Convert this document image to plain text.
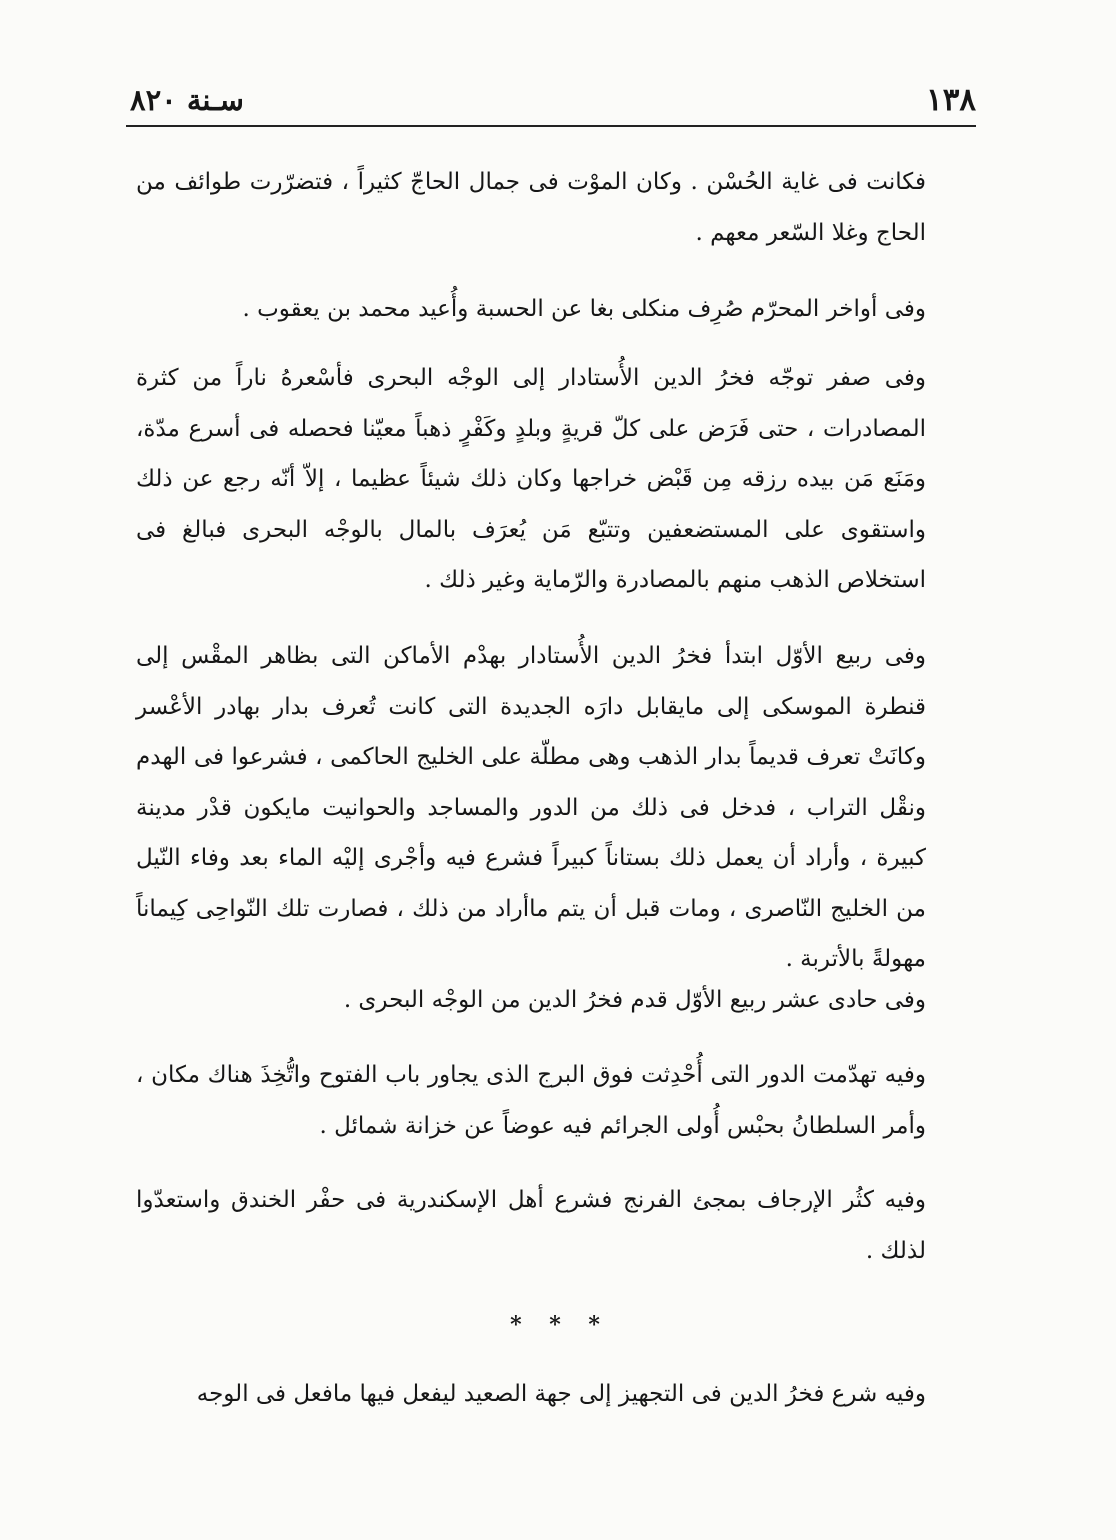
١٣٨
سـنة ٨٢٠

فكانت فى غاية الحُسْن . وكان الموْت فى جمال الحاجّ كثيراً ، فتضرّرت طوائف من الحاج وغلا السّعر معهم .

وفى أواخر المحرّم صُرِف منكلى بغا عن الحسبة وأُعيد محمد بن يعقوب .

وفى صفر توجّه فخرُ الدين الأُستادار إلى الوجْه البحرى فأسْعرهُ ناراً من كثرة المصادرات ، حتى فَرَض على كلّ قريةٍ وبلدٍ وكَفْرٍ ذهباً معيّنا فحصله فى أسرع مدّة، ومَنَع مَن بيده رزقه مِن قَبْض خراجها وكان ذلك شيئاً عظيما ، إلاّ أنّه رجع عن ذلك واستقوى على المستضعفين وتتبّع مَن يُعرَف بالمال بالوجْه البحرى فبالغ فى استخلاص الذهب منهم بالمصادرة والرّماية وغير ذلك .

وفى ربيع الأوّل ابتدأ فخرُ الدين الأُستادار بهدْم الأماكن التى بظاهر المقْس إلى قنطرة الموسكى إلى مايقابل دارَه الجديدة التى كانت تُعرف بدار بهادر الأعْسر وكانَتْ تعرف قديماً بدار الذهب وهى مطلّة على الخليج الحاكمى ، فشرعوا فى الهدم ونقْل التراب ، فدخل فى ذلك من الدور والمساجد والحوانيت مايكون قدْر مدينة كبيرة ، وأراد أن يعمل ذلك بستاناً كبيراً فشرع فيه وأجْرى إليْه الماء بعد وفاء النّيل من الخليج النّاصرى ، ومات قبل أن يتم ماأراد من ذلك ، فصارت تلك النّواحِى كِيماناً مهولةً بالأتربة .

وفى حادى عشر ربيع الأوّل قدم فخرُ الدين من الوجْه البحرى .

وفيه تهدّمت الدور التى أُحْدِثت فوق البرج الذى يجاور باب الفتوح واتُّخِذَ هناك مكان ، وأمر السلطانُ بحبْس أُولى الجرائم فيه عوضاً عن خزانة شمائل .

وفيه كثُر الإرجاف بمجئ الفرنج فشرع أهل الإسكندرية فى حفْر الخندق واستعدّوا لذلك .

* * *

وفيه شرع فخرُ الدين فى التجهيز إلى جهة الصعيد ليفعل فيها مافعل فى الوجه
